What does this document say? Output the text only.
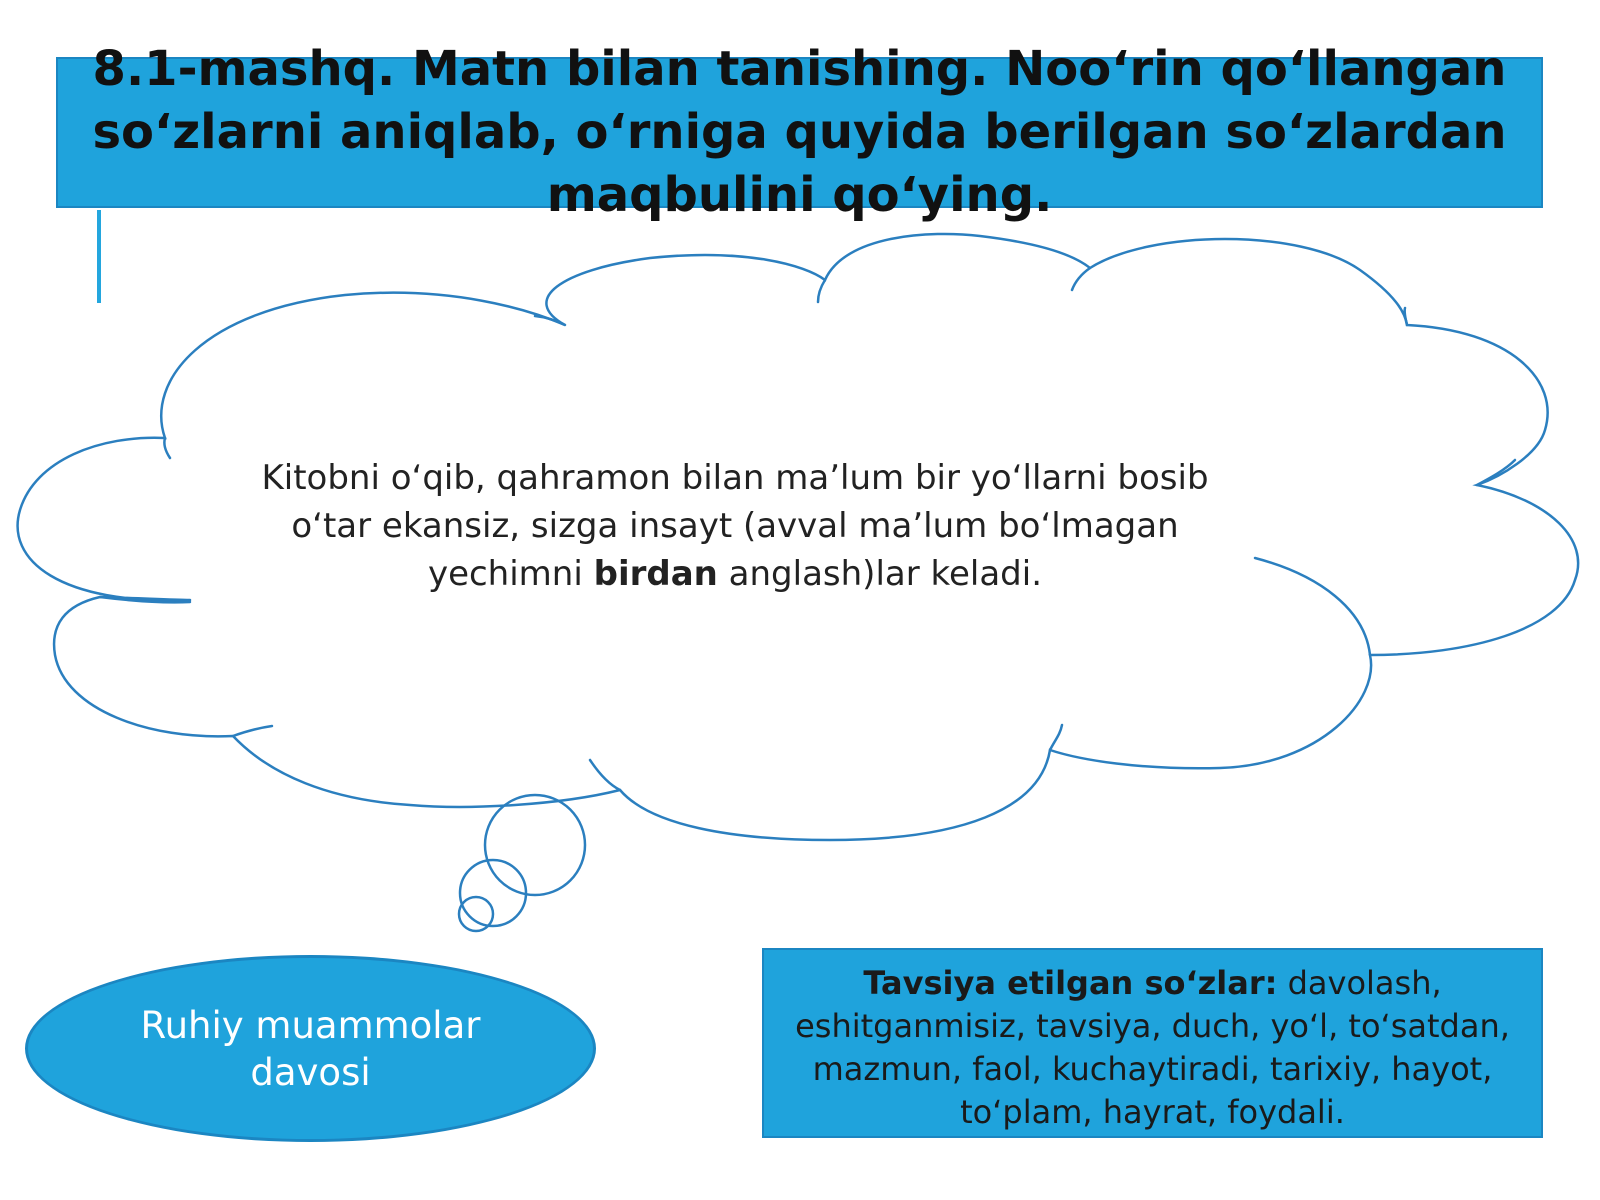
8.1-mashq. Matn bilan tanishing. Noo‘rin qo‘llangan so‘zlarni aniqlab, o‘rniga quyida berilgan so‘zlardan maqbulini qo‘ying.

Kitobni o‘qib, qahramon bilan ma’lum bir yo‘llarni bosib o‘tar ekansiz, sizga insayt (avval ma’lum bo‘lmagan yechimni birdan anglash)lar keladi.

Ruhiy muammolar davosi
Tavsiya etilgan so‘zlar: davolash, eshitganmisiz, tavsiya, duch, yo‘l, to‘satdan, mazmun, faol, kuchaytiradi, tarixiy, hayot, to‘plam, hayrat, foydali.
